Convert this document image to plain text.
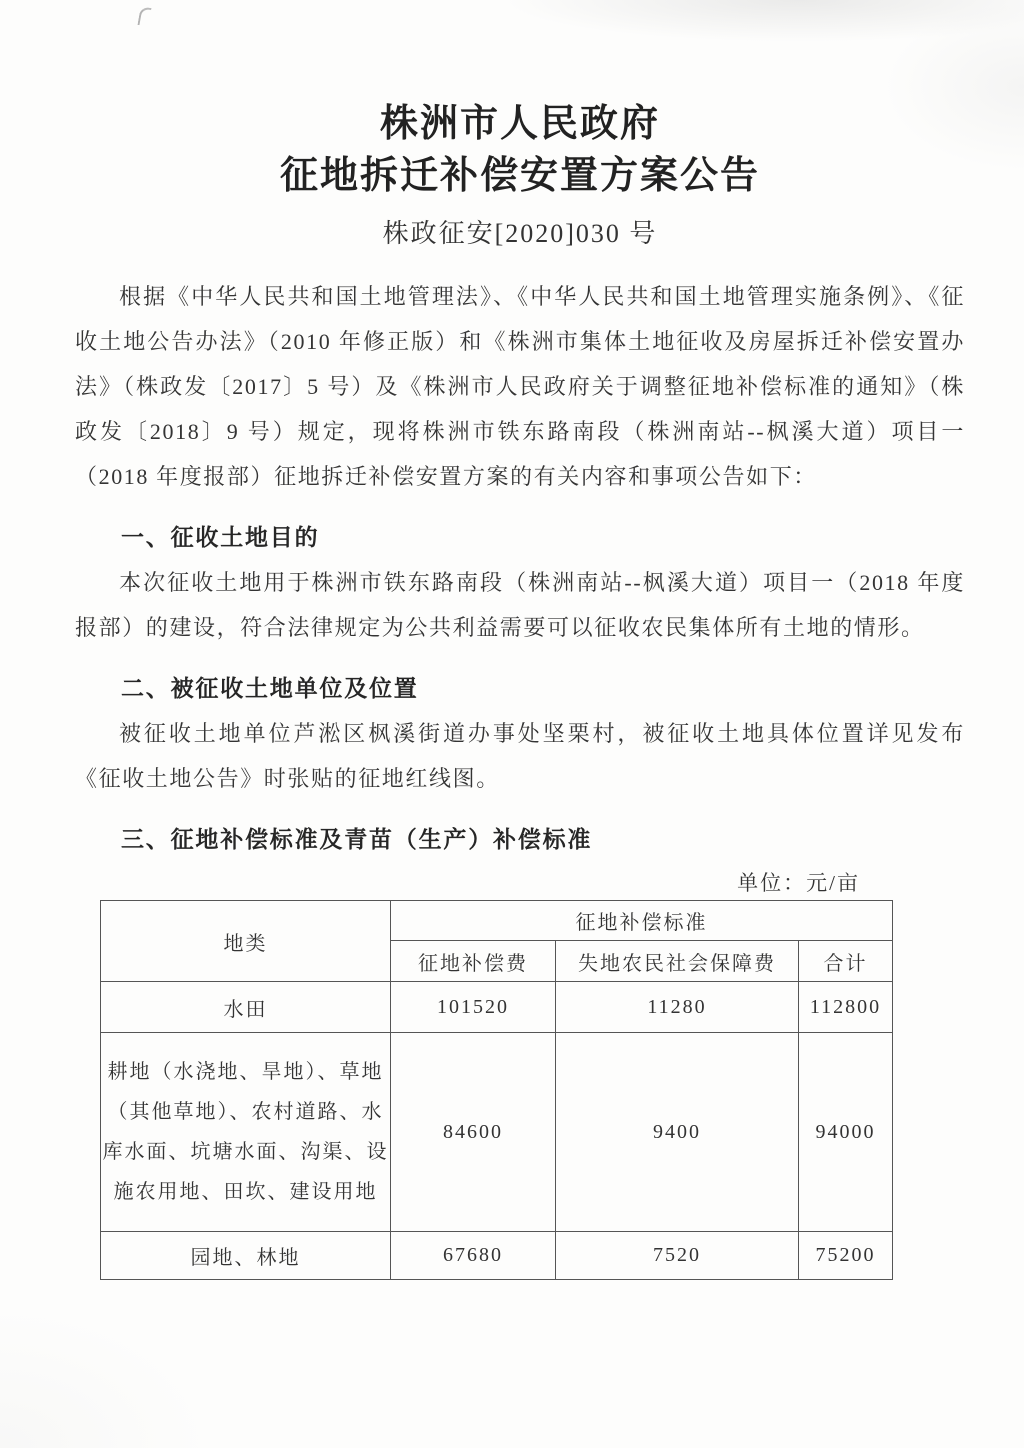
株洲市人民政府
征地拆迁补偿安置方案公告
株政征安[2020]030 号

根据《中华人民共和国土地管理法》、《中华人民共和国土地管理实施条例》、《征收土地公告办法》（2010 年修正版）和《株洲市集体土地征收及房屋拆迁补偿安置办法》（株政发〔2017〕5 号）及《株洲市人民政府关于调整征地补偿标准的通知》（株政发〔2018〕9 号）规定，现将株洲市铁东路南段（株洲南站--枫溪大道）项目一（2018 年度报部）征地拆迁补偿安置方案的有关内容和事项公告如下：

一、征收土地目的

本次征收土地用于株洲市铁东路南段（株洲南站--枫溪大道）项目一（2018 年度报部）的建设，符合法律规定为公共利益需要可以征收农民集体所有土地的情形。

二、被征收土地单位及位置

被征收土地单位芦淞区枫溪街道办事处坚栗村，被征收土地具体位置详见发布《征收土地公告》时张贴的征地红线图。

三、征地补偿标准及青苗（生产）补偿标准
单位：元/亩
地类	征地补偿标准		
	征地补偿费	失地农民社会保障费	合计
水田	101520	11280	112800
耕地（水浇地、旱地）、草地（其他草地）、农村道路、水库水面、坑塘水面、沟渠、设施农用地、田坎、建设用地	84600	9400	94000
园地、林地	67680	7520	75200
